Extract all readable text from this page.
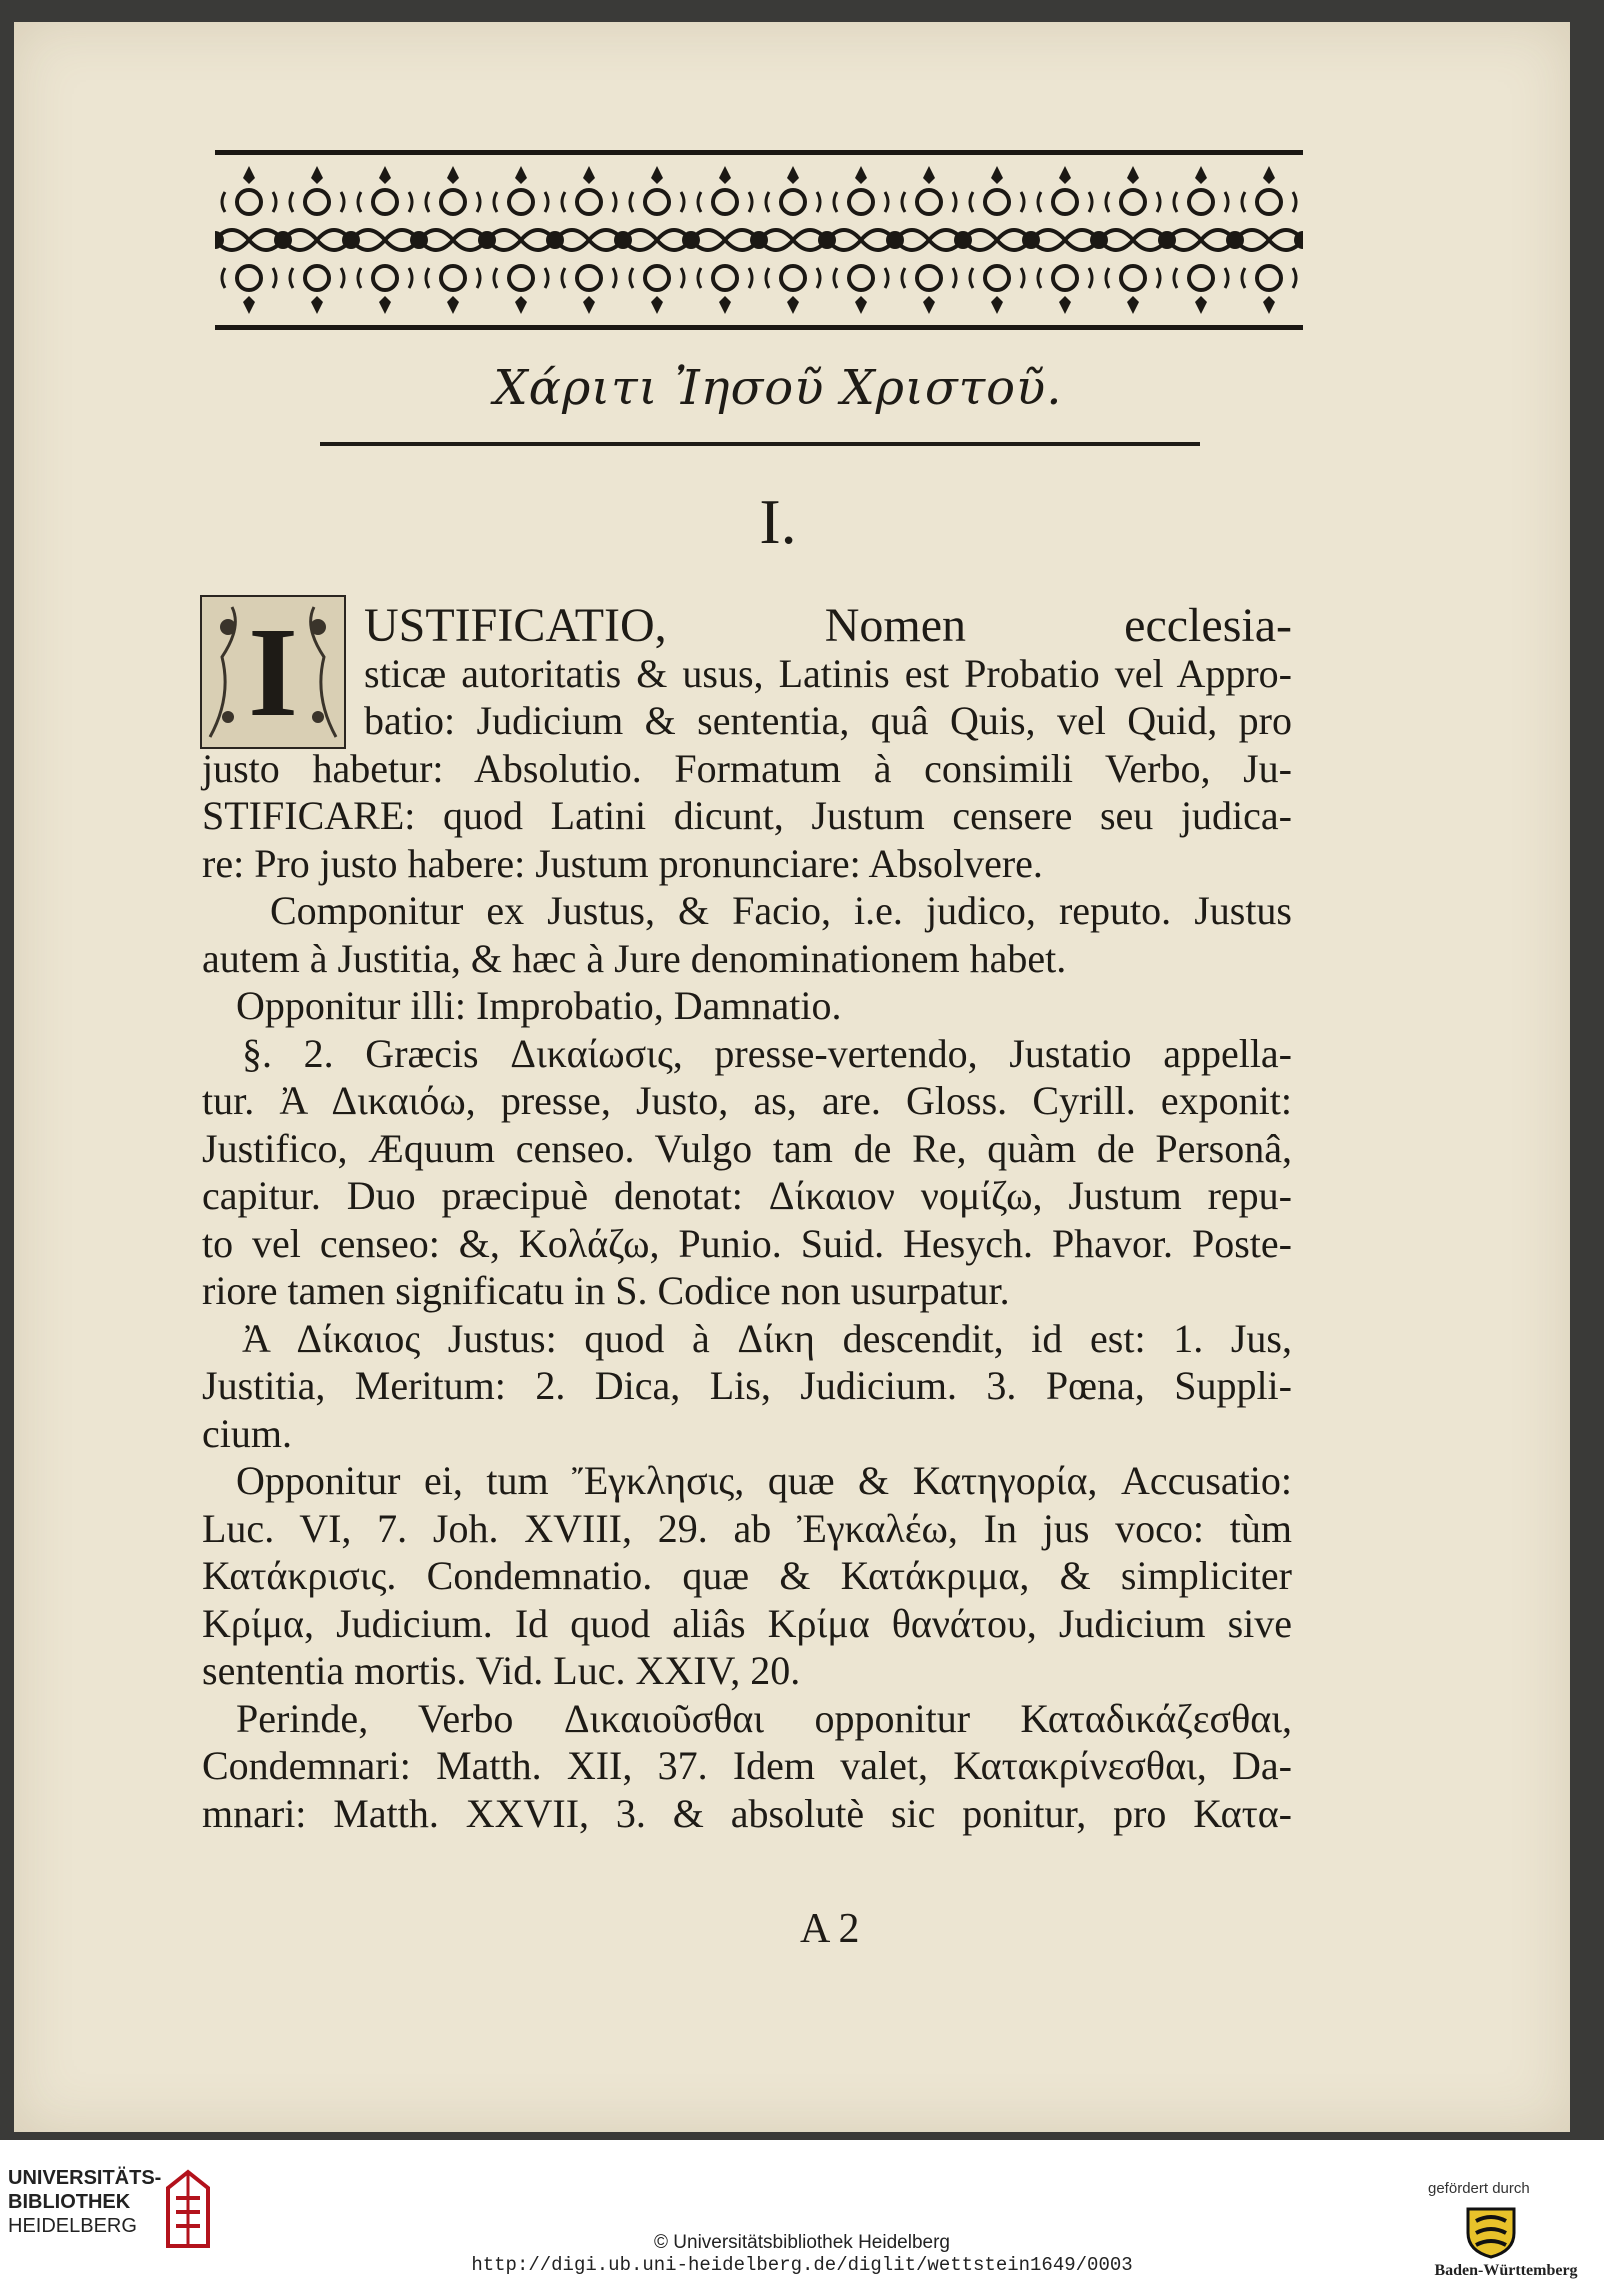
Χάριτι Ἰησοῦ Χριστοῦ.
I.
I	USTIFICATIO, Nomen ecclesia-
sticæ autoritatis & usus, Latinis est Probatio vel Appro-
batio: Judicium & sententia, quâ Quis, vel Quid, pro
justo habetur: Absolutio. Formatum à consimili Verbo, Ju-
STIFICARE: quod Latini dicunt, Justum censere seu judica-
re: Pro justo habere: Justum pronunciare: Absolvere.
Componitur ex Justus, & Facio, i.e. judico, reputo. Justus
autem à Justitia, & hæc à Jure denominationem habet.
Opponitur illi: Improbatio, Damnatio.
§. 2. Græcis Δικαίωσις, presse-vertendo, Justatio appella-
tur. Ἀ Δικαιόω, presse, Justo, as, are. Gloss. Cyrill. exponit:
Justifico, Æquum censeo. Vulgo tam de Re, quàm de Personâ,
capitur. Duo præcipuè denotat: Δίκαιον νομίζω, Justum repu-
to vel censeo: &, Κολάζω, Punio. Suid. Hesych. Phavor. Poste-
riore tamen significatu in S. Codice non usurpatur.
Ἀ Δίκαιος Justus: quod à Δίκη descendit, id est: 1. Jus,
Justitia, Meritum: 2. Dica, Lis, Judicium. 3. Pœna, Suppli-
cium.
Opponitur ei, tum Ἔγκλησις, quæ & Κατηγορία, Accusatio:
Luc. VI, 7. Joh. XVIII, 29. ab Ἐγκαλέω, In jus voco: tùm
Κατάκρισις. Condemnatio. quæ & Κατάκριμα, & simpliciter
Κρίμα, Judicium. Id quod aliâs Κρίμα θανάτου, Judicium sive
sententia mortis. Vid. Luc. XXIV, 20.
Perinde, Verbo Δικαιοῦσθαι opponitur Καταδικάζεσθαι,
Condemnari: Matth. XII, 37. Idem valet, Κατακρίνεσθαι, Da-
mnari: Matth. XXVII, 3. & absolutè sic ponitur, pro Κατα-
A 2
UNIVERSITÄTS-
BIBLIOTHEK
HEIDELBERG
© Universitätsbibliothek Heidelberg
http://digi.ub.uni-heidelberg.de/diglit/wettstein1649/0003
gefördert durch
Baden-Württemberg
